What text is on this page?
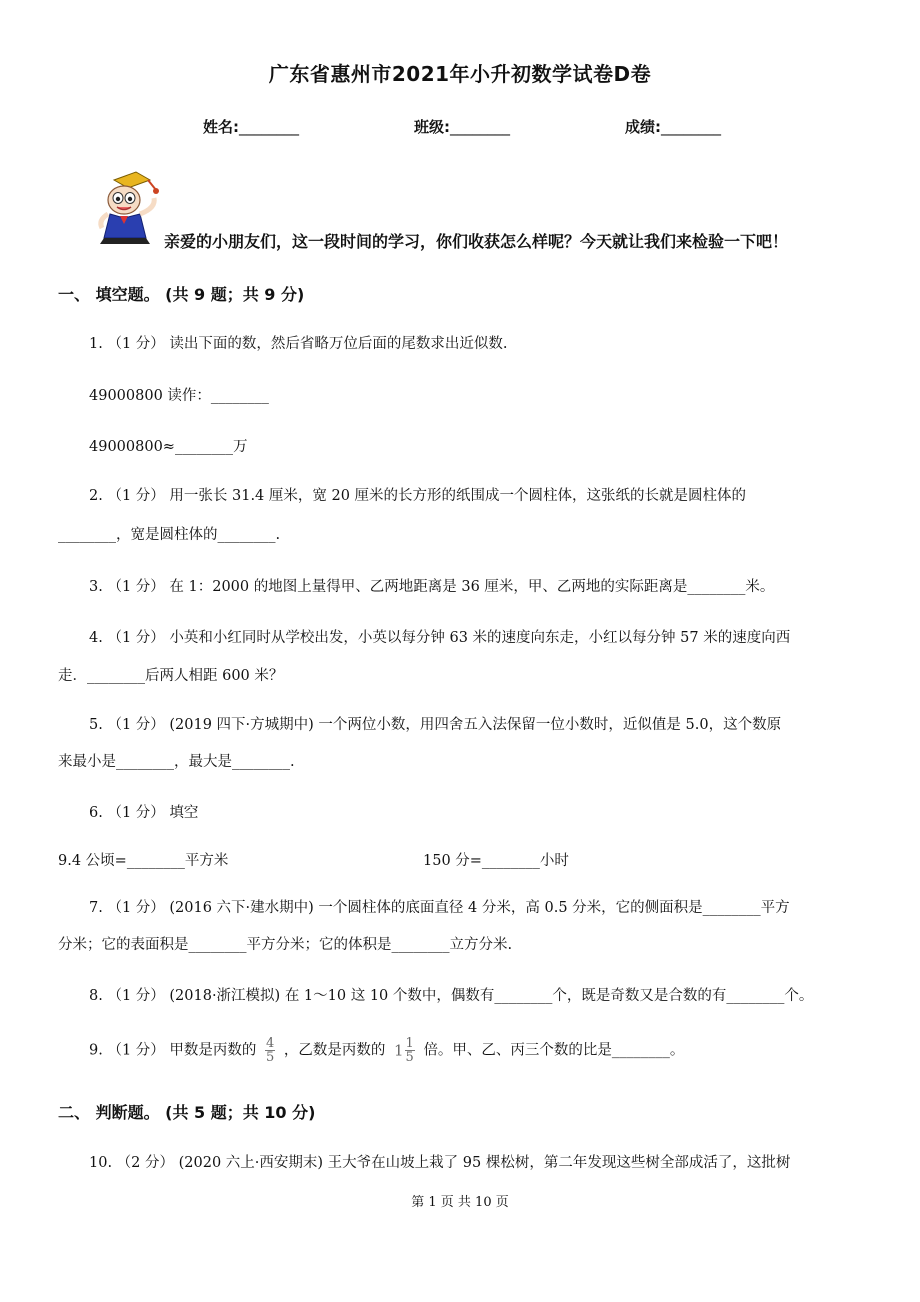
广东省惠州市2021年小升初数学试卷D卷
姓名:________	班级:________	成绩:________
亲爱的小朋友们，这一段时间的学习，你们收获怎么样呢？今天就让我们来检验一下吧！
一、 填空题。 (共 9 题；共 9 分)
1. （1 分） 读出下面的数，然后省略万位后面的尾数求出近似数.
49000800 读作：________
49000800≈________万
2. （1 分） 用一张长 31.4 厘米，宽 20 厘米的长方形的纸围成一个圆柱体，这张纸的长就是圆柱体的
________，宽是圆柱体的________.
3. （1 分） 在 1：2000 的地图上量得甲、乙两地距离是 36 厘米，甲、乙两地的实际距离是________米。
4. （1 分） 小英和小红同时从学校出发，小英以每分钟 63 米的速度向东走，小红以每分钟 57 米的速度向西
走．________后两人相距 600 米？
5. （1 分） (2019 四下·方城期中) 一个两位小数，用四舍五入法保留一位小数时，近似值是 5.0，这个数原
来最小是________，最大是________.
6. （1 分） 填空
9.4 公顷=________平方米	150 分=________小时
7. （1 分） (2016 六下·建水期中) 一个圆柱体的底面直径 4 分米，高 0.5 分米，它的侧面积是________平方
分米；它的表面积是________平方分米；它的体积是________立方分米.
8. （1 分） (2018·浙江模拟) 在 1～10 这 10 个数中，偶数有________个，既是奇数又是合数的有________个。
9. （1 分） 甲数是丙数的 $\frac{4}{5}$ ，乙数是丙数的 $1 \frac{1}{5}$ 倍。甲、乙、丙三个数的比是________。
二、 判断题。 (共 5 题；共 10 分)
10. （2 分） (2020 六上·西安期末) 王大爷在山坡上栽了 95 棵松树，第二年发现这些树全部成活了，这批树
第 1 页 共 10 页
